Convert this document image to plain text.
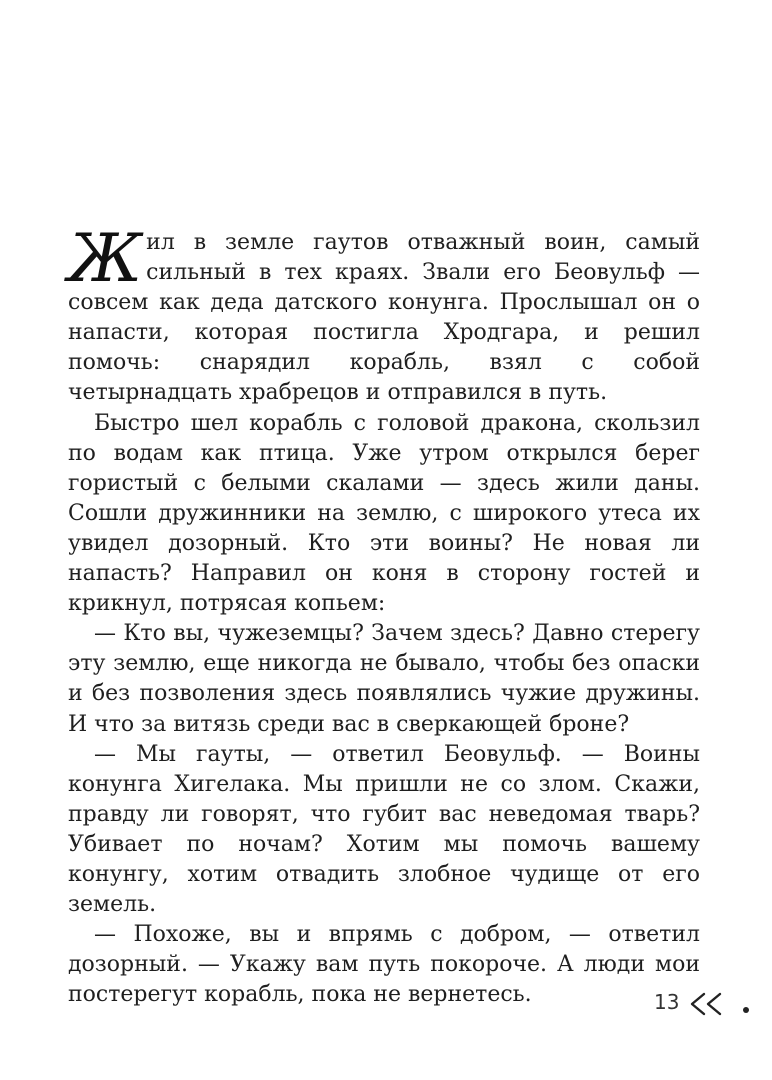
Жил в земле гаутов отважный воин, самый сильный в тех краях. Звали его Беовульф — совсем как деда датского конунга. Прослышал он о напасти, которая постигла Хродгара, и решил помочь: снарядил корабль, взял с собой четырнадцать храбрецов и отправился в путь.

Быстро шел корабль с головой дракона, скользил по водам как птица. Уже утром открылся берег гористый с белыми скалами — здесь жили даны. Сошли дружинники на землю, с широкого утеса их увидел дозорный. Кто эти воины? Не новая ли напасть? Направил он коня в сторону гостей и крикнул, потрясая копьем:

— Кто вы, чужеземцы? Зачем здесь? Давно стерегу эту землю, еще никогда не бывало, чтобы без опаски и без позволения здесь появлялись чужие дружины. И что за витязь среди вас в сверкающей броне?

— Мы гауты, — ответил Беовульф. — Воины конунга Хигелака. Мы пришли не со злом. Скажи, правду ли говорят, что губит вас неведомая тварь? Убивает по ночам? Хотим мы помочь вашему конунгу, хотим отвадить злобное чудище от его земель.

— Похоже, вы и впрямь с добром, — ответил дозорный. — Укажу вам путь покороче. А люди мои постерегут корабль, пока не вернетесь.	13
